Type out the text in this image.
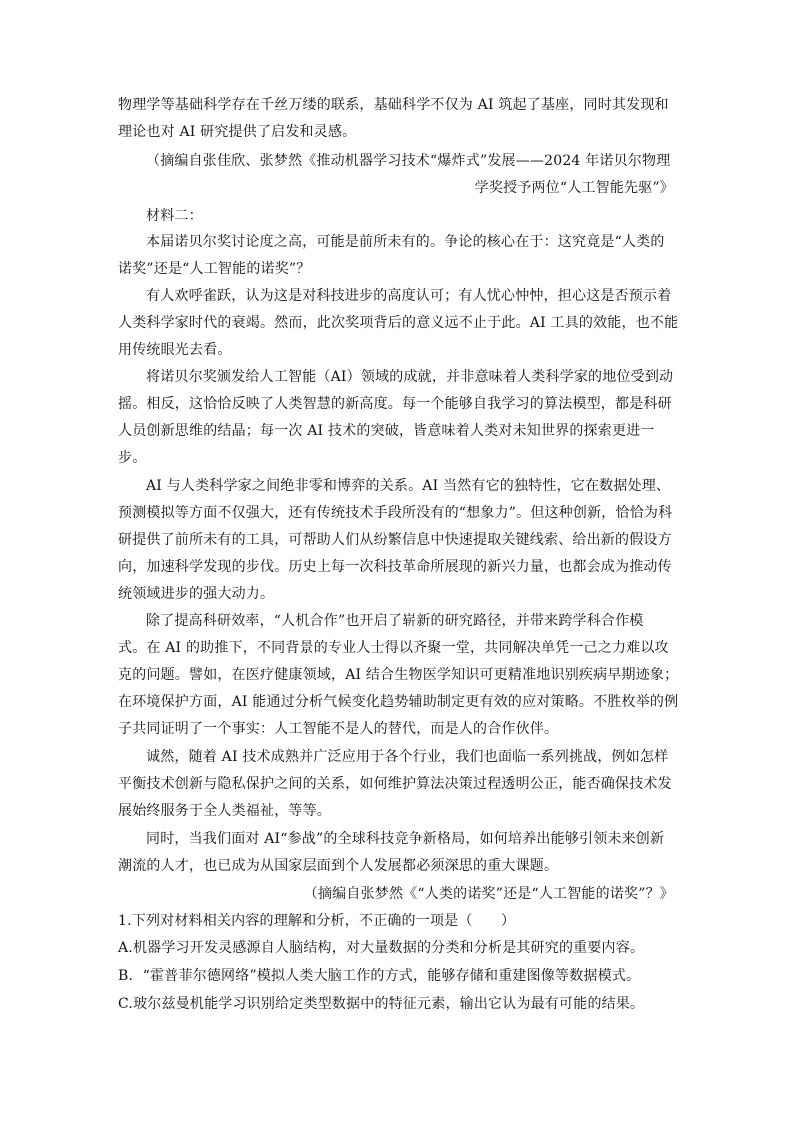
物理学等基础科学存在千丝万缕的联系，基础科学不仅为 AI 筑起了基座，同时其发现和
理论也对 AI 研究提供了启发和灵感。
（摘编自张佳欣、张梦然《推动机器学习技术“爆炸式”发展——2024 年诺贝尔物理
学奖授予两位“人工智能先驱”》
材料二：
本届诺贝尔奖讨论度之高，可能是前所未有的。争论的核心在于：这究竟是“人类的
诺奖”还是“人工智能的诺奖”？
有人欢呼雀跃，认为这是对科技进步的高度认可；有人忧心忡忡，担心这是否预示着
人类科学家时代的衰竭。然而，此次奖项背后的意义远不止于此。AI 工具的效能，也不能
用传统眼光去看。
将诺贝尔奖颁发给人工智能（AI）领域的成就，并非意味着人类科学家的地位受到动
摇。相反，这恰恰反映了人类智慧的新高度。每一个能够自我学习的算法模型，都是科研
人员创新思维的结晶；每一次 AI 技术的突破，皆意味着人类对未知世界的探索更进一
步。
AI 与人类科学家之间绝非零和博弈的关系。AI 当然有它的独特性，它在数据处理、
预测模拟等方面不仅强大，还有传统技术手段所没有的“想象力”。但这种创新，恰恰为科
研提供了前所未有的工具，可帮助人们从纷繁信息中快速提取关键线索、给出新的假设方
向，加速科学发现的步伐。历史上每一次科技革命所展现的新兴力量，也都会成为推动传
统领域进步的强大动力。
除了提高科研效率，“人机合作”也开启了崭新的研究路径，并带来跨学科合作模
式。在 AI 的助推下，不同背景的专业人士得以齐聚一堂，共同解决单凭一己之力难以攻
克的问题。譬如，在医疗健康领域，AI 结合生物医学知识可更精准地识别疾病早期迹象；
在环境保护方面，AI 能通过分析气候变化趋势辅助制定更有效的应对策略。不胜枚举的例
子共同证明了一个事实：人工智能不是人的替代，而是人的合作伙伴。
诚然，随着 AI 技术成熟并广泛应用于各个行业，我们也面临一系列挑战，例如怎样
平衡技术创新与隐私保护之间的关系，如何维护算法决策过程透明公正，能否确保技术发
展始终服务于全人类福祉，等等。
同时，当我们面对 AI“参战”的全球科技竞争新格局，如何培养出能够引领未来创新
潮流的人才，也已成为从国家层面到个人发展都必须深思的重大课题。
（摘编自张梦然《“人类的诺奖”还是“人工智能的诺奖”？》
1.下列对材料相关内容的理解和分析，不正确的一项是（　　）
A.机器学习开发灵感源自人脑结构，对大量数据的分类和分析是其研究的重要内容。
B．“霍普菲尔德网络”模拟人类大脑工作的方式，能够存储和重建图像等数据模式。
C.玻尔兹曼机能学习识别给定类型数据中的特征元素，输出它认为最有可能的结果。
